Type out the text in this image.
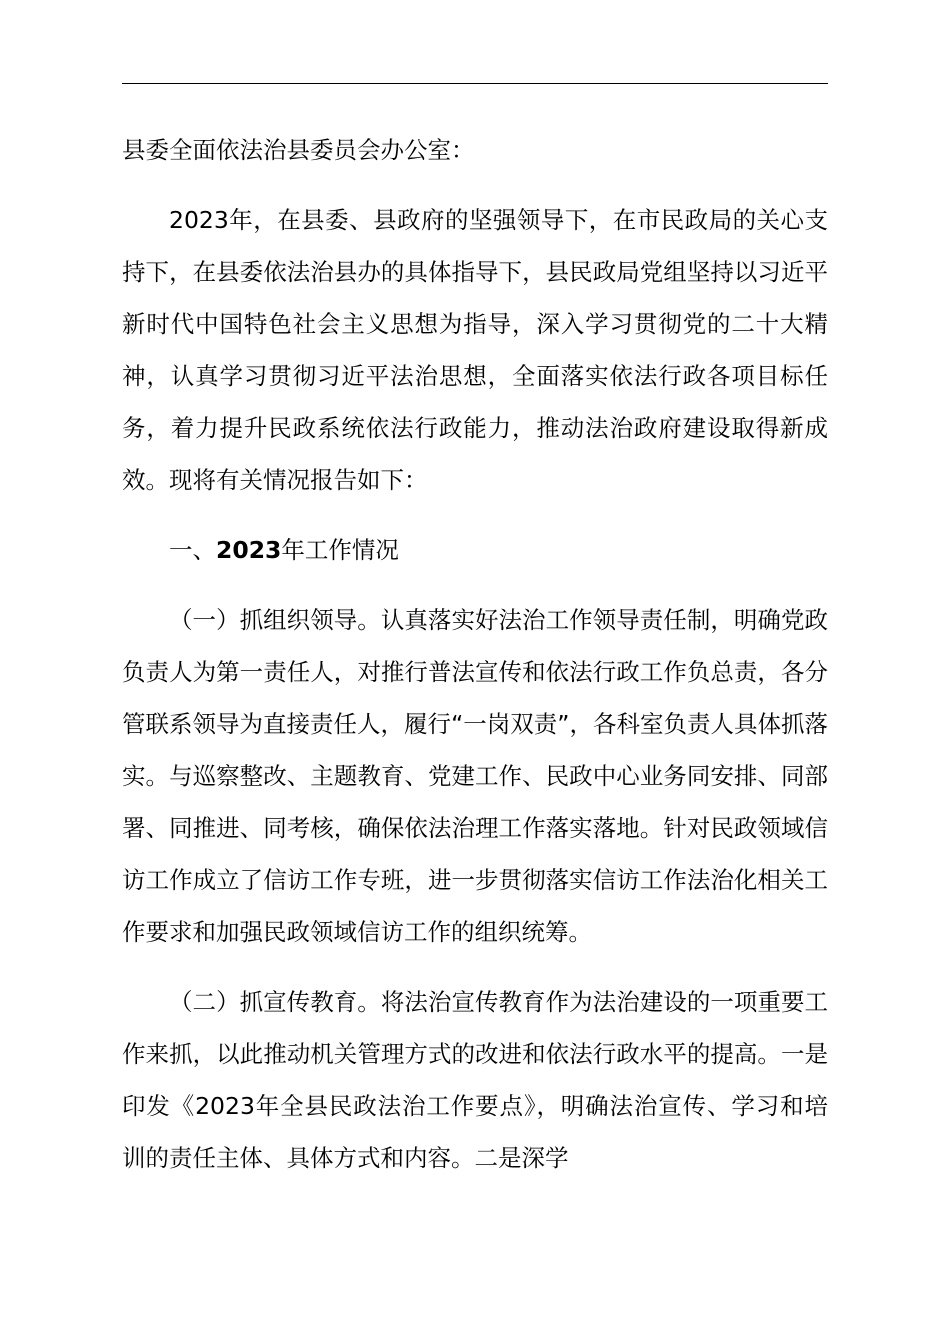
县委全面依法治县委员会办公室：

2023年，在县委、县政府的坚强领导下，在市民政局的关心支持下，在县委依法治县办的具体指导下，县民政局党组坚持以习近平新时代中国特色社会主义思想为指导，深入学习贯彻党的二十大精神，认真学习贯彻习近平法治思想，全面落实依法行政各项目标任务，着力提升民政系统依法行政能力，推动法治政府建设取得新成效。现将有关情况报告如下：

一、2023年工作情况

（一）抓组织领导。认真落实好法治工作领导责任制，明确党政负责人为第一责任人，对推行普法宣传和依法行政工作负总责，各分管联系领导为直接责任人，履行“一岗双责”，各科室负责人具体抓落实。与巡察整改、主题教育、党建工作、民政中心业务同安排、同部署、同推进、同考核，确保依法治理工作落实落地。针对民政领域信访工作成立了信访工作专班，进一步贯彻落实信访工作法治化相关工作要求和加强民政领域信访工作的组织统筹。

（二）抓宣传教育。将法治宣传教育作为法治建设的一项重要工作来抓，以此推动机关管理方式的改进和依法行政水平的提高。一是印发《2023年全县民政法治工作要点》，明确法治宣传、学习和培训的责任主体、具体方式和内容。二是深学
